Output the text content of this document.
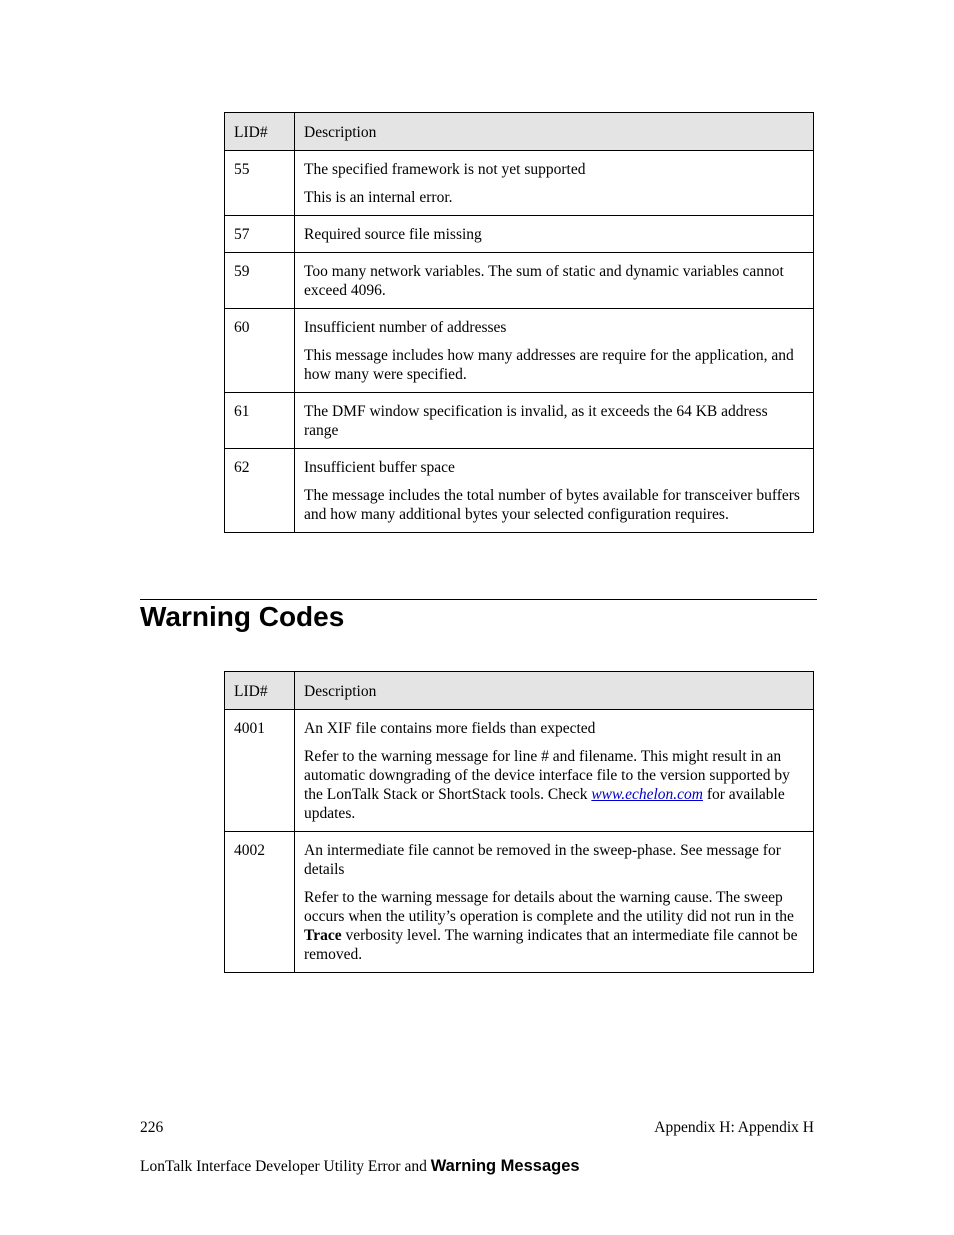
LID#	Description
55	The specified framework is not yet supported

This is an internal error.

57	Required source file missing

59	Too many network variables. The sum of static and dynamic variables cannot exceed 4096.

60	Insufficient number of addresses

This message includes how many addresses are require for the application, and how many were specified.

61	The DMF window specification is invalid, as it exceeds the 64 KB address range

62	Insufficient buffer space

The message includes the total number of bytes available for transceiver buffers and how many additional bytes your selected configuration requires.

Warning Codes
LID#	Description
4001	An XIF file contains more fields than expected

Refer to the warning message for line # and filename. This might result in an automatic downgrading of the device interface file to the version supported by the LonTalk Stack or ShortStack tools. Check www.echelon.com for available updates.

4002	An intermediate file cannot be removed in the sweep-phase. See message for details

Refer to the warning message for details about the warning cause. The sweep occurs when the utility’s operation is complete and the utility did not run in the Trace verbosity level. The warning indicates that an intermediate file cannot be removed.

226	Appendix H: Appendix H
LonTalk Interface Developer Utility Error and Warning Messages
